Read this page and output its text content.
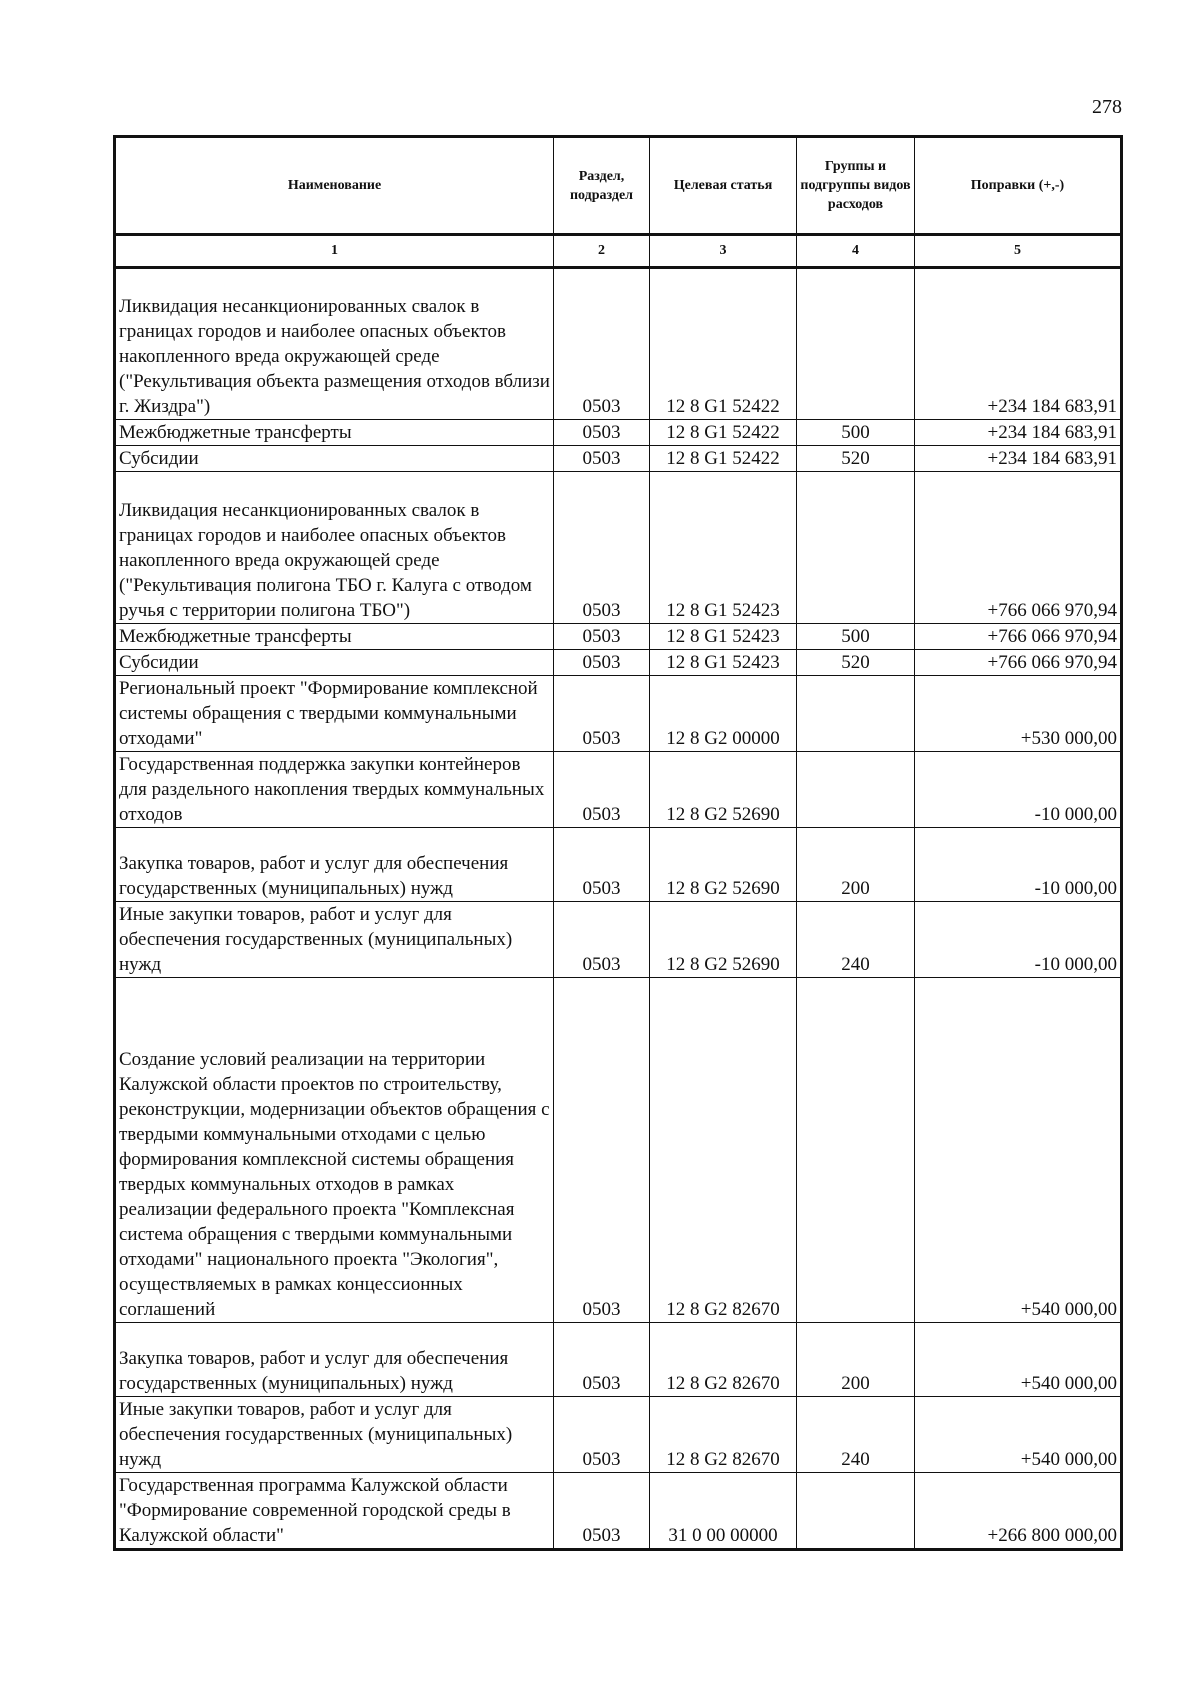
278
Наименование	Раздел, подраздел	Целевая статья	Группы и подгруппы видов расходов	Поправки (+,-)
1	2	3	4	5
Ликвидация несанкционированных свалок в границах городов и наиболее опасных объектов накопленного вреда окружающей среде ("Рекультивация объекта размещения отходов вблизи г. Жиздра")	0503	12 8 G1 52422		+234 184 683,91
Межбюджетные трансферты	0503	12 8 G1 52422	500	+234 184 683,91
Субсидии	0503	12 8 G1 52422	520	+234 184 683,91
Ликвидация несанкционированных свалок в границах городов и наиболее опасных объектов накопленного вреда окружающей среде ("Рекультивация полигона ТБО г. Калуга с отводом ручья с территории полигона ТБО")	0503	12 8 G1 52423		+766 066 970,94
Межбюджетные трансферты	0503	12 8 G1 52423	500	+766 066 970,94
Субсидии	0503	12 8 G1 52423	520	+766 066 970,94
Региональный проект "Формирование комплексной системы обращения с твердыми коммунальными отходами"	0503	12 8 G2 00000		+530 000,00
Государственная поддержка закупки контейнеров для раздельного накопления твердых коммунальных отходов	0503	12 8 G2 52690		-10 000,00
Закупка товаров, работ и услуг для обеспечения государственных (муниципальных) нужд	0503	12 8 G2 52690	200	-10 000,00
Иные закупки товаров, работ и услуг для обеспечения государственных (муниципальных) нужд	0503	12 8 G2 52690	240	-10 000,00
Создание условий реализации на территории Калужской области проектов по строительству, реконструкции, модернизации объектов обращения с твердыми коммунальными отходами с целью формирования комплексной системы обращения твердых коммунальных отходов в рамках реализации федерального проекта "Комплексная система обращения с твердыми коммунальными отходами" национального проекта "Экология", осуществляемых в рамках концессионных соглашений	0503	12 8 G2 82670		+540 000,00
Закупка товаров, работ и услуг для обеспечения государственных (муниципальных) нужд	0503	12 8 G2 82670	200	+540 000,00
Иные закупки товаров, работ и услуг для обеспечения государственных (муниципальных) нужд	0503	12 8 G2 82670	240	+540 000,00
Государственная программа Калужской области "Формирование современной городской среды в Калужской области"	0503	31 0 00 00000		+266 800 000,00
